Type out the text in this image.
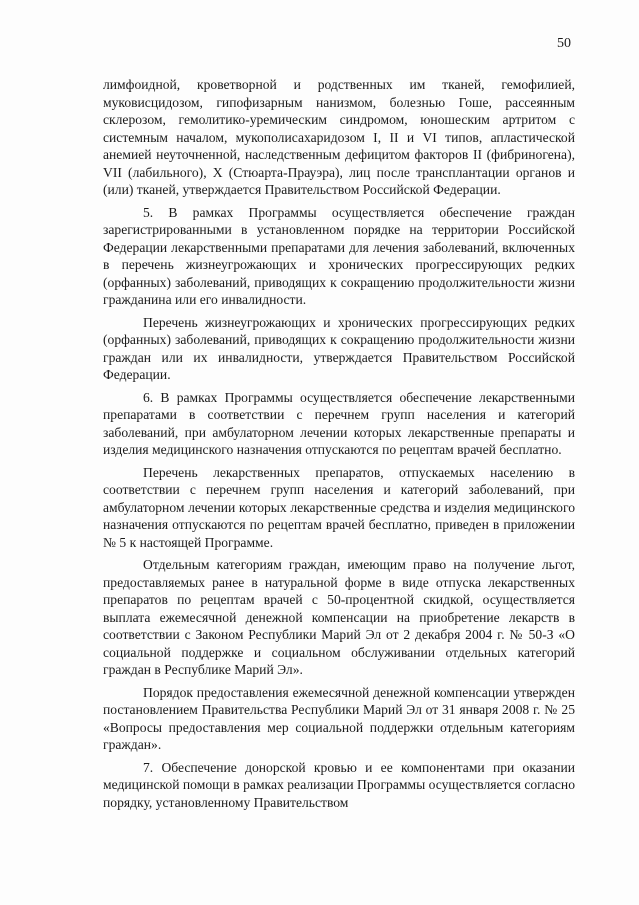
50

лимфоидной, кроветворной и родственных им тканей, гемофилией, муковисцидозом, гипофизарным нанизмом, болезнью Гоше, рассеянным склерозом, гемолитико-уремическим синдромом, юношеским артритом с системным началом, мукополисахаридозом I, II и VI типов, апластической анемией неуточненной, наследственным дефицитом факторов II (фибриногена), VII (лабильного), X (Стюарта-Прауэра), лиц после трансплантации органов и (или) тканей, утверждается Правительством Российской Федерации.

5. В рамках Программы осуществляется обеспечение граждан зарегистрированными в установленном порядке на территории Российской Федерации лекарственными препаратами для лечения заболеваний, включенных в перечень жизнеугрожающих и хронических прогрессирующих редких (орфанных) заболеваний, приводящих к сокращению продолжительности жизни гражданина или его инвалидности.

Перечень жизнеугрожающих и хронических прогрессирующих редких (орфанных) заболеваний, приводящих к сокращению продолжительности жизни граждан или их инвалидности, утверждается Правительством Российской Федерации.

6. В рамках Программы осуществляется обеспечение лекарственными препаратами в соответствии с перечнем групп населения и категорий заболеваний, при амбулаторном лечении которых лекарственные препараты и изделия медицинского назначения отпускаются по рецептам врачей бесплатно.

Перечень лекарственных препаратов, отпускаемых населению в соответствии с перечнем групп населения и категорий заболеваний, при амбулаторном лечении которых лекарственные средства и изделия медицинского назначения отпускаются по рецептам врачей бесплатно, приведен в приложении № 5 к настоящей Программе.

Отдельным категориям граждан, имеющим право на получение льгот, предоставляемых ранее в натуральной форме в виде отпуска лекарственных препаратов по рецептам врачей с 50-процентной скидкой, осуществляется выплата ежемесячной денежной компенсации на приобретение лекарств в соответствии с Законом Республики Марий Эл от 2 декабря 2004 г. № 50-З «О социальной поддержке и социальном обслуживании отдельных категорий граждан в Республике Марий Эл».

Порядок предоставления ежемесячной денежной компенсации утвержден постановлением Правительства Республики Марий Эл от 31 января 2008 г. № 25 «Вопросы предоставления мер социальной поддержки отдельным категориям граждан».

7. Обеспечение донорской кровью и ее компонентами при оказании медицинской помощи в рамках реализации Программы осуществляется согласно порядку, установленному Правительством
